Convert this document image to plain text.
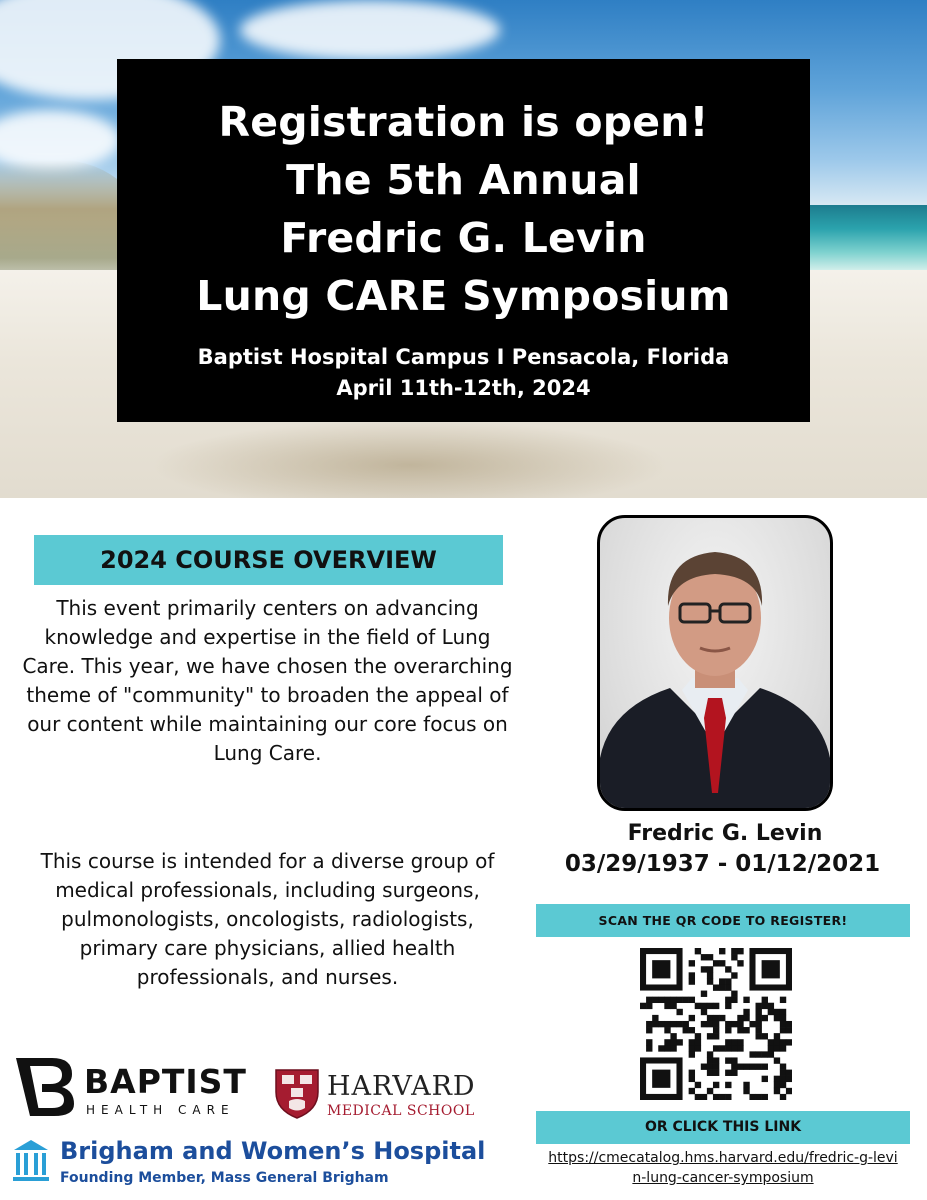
Registration is open!
The 5th Annual
Fredric G. Levin
Lung CARE Symposium
Baptist Hospital Campus I Pensacola, Florida
April 11th-12th, 2024
2024 COURSE OVERVIEW
This event primarily centers on advancing knowledge and expertise in the field of Lung Care. This year, we have chosen the overarching theme of "community" to broaden the appeal of our content while maintaining our core focus on Lung Care.
This course is intended for a diverse group of medical professionals, including surgeons, pulmonologists, oncologists, radiologists, primary care physicians, allied health professionals, and nurses.
BAPTIST
HEALTH CARE
HARVARD
MEDICAL SCHOOL
Brigham and Women’s Hospital
Founding Member, Mass General Brigham
Fredric G. Levin
03/29/1937 - 01/12/2021
SCAN THE QR CODE TO REGISTER!
OR CLICK THIS LINK
https://cmecatalog.hms.harvard.edu/fredric-g-levin-lung-cancer-symposium
